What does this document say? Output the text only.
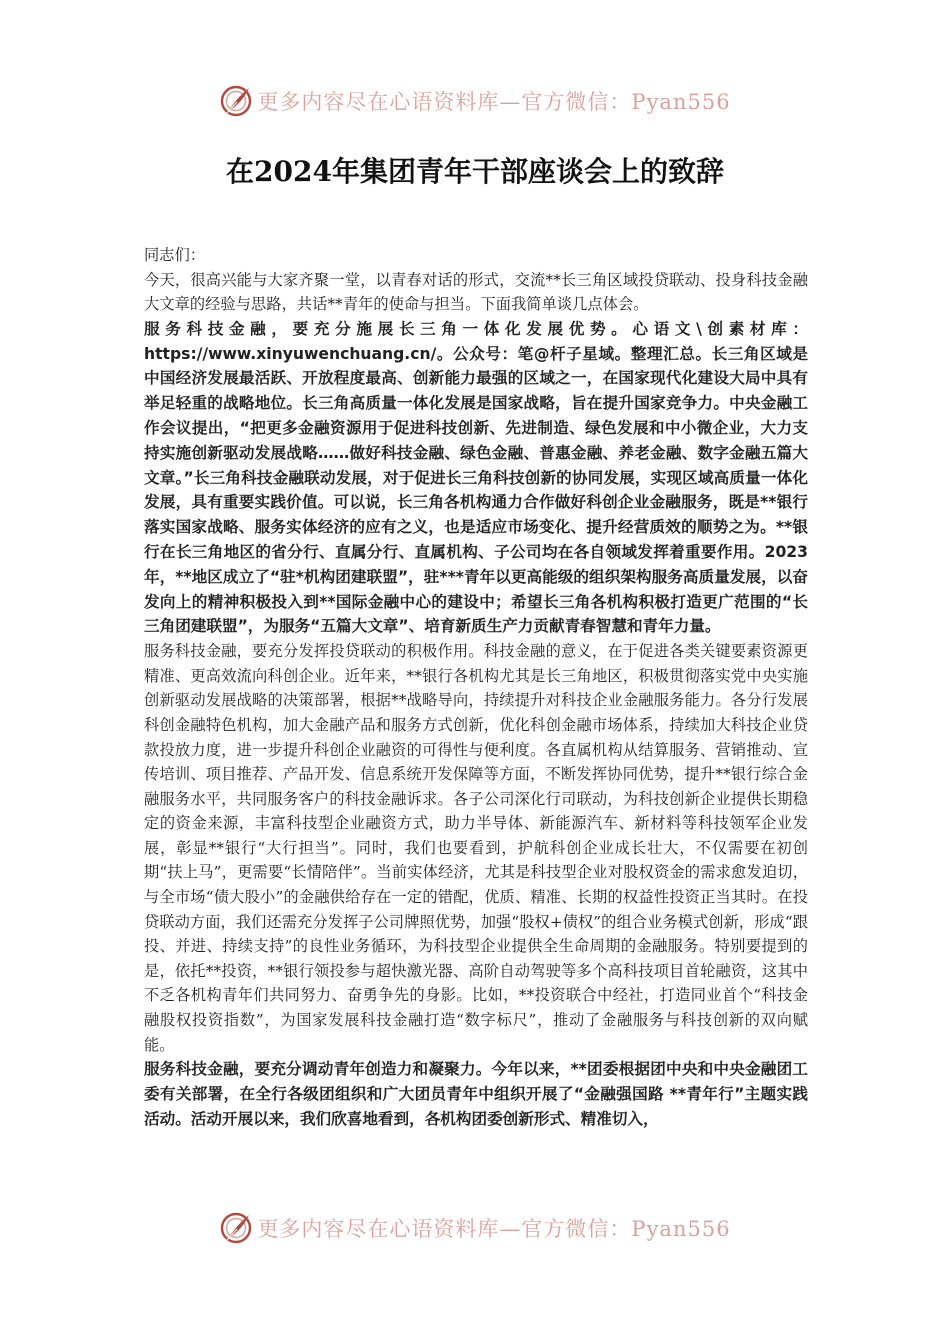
更多内容尽在心语资料库—官方微信：Pyan556
在2024年集团青年干部座谈会上的致辞

同志们：

今天，很高兴能与大家齐聚一堂，以青春对话的形式，交流**长三角区域投贷联动、投身科技金融大文章的经验与思路，共话**青年的使命与担当。下面我简单谈几点体会。

服务科技金融，要充分施展长三角一体化发展优势。心语文\创素材库：https://www.xinyuwenchuang.cn/。公众号：笔@杆子星域。整理汇总。长三角区域是中国经济发展最活跃、开放程度最高、创新能力最强的区域之一，在国家现代化建设大局中具有举足轻重的战略地位。长三角高质量一体化发展是国家战略，旨在提升国家竞争力。中央金融工作会议提出，“把更多金融资源用于促进科技创新、先进制造、绿色发展和中小微企业，大力支持实施创新驱动发展战略……做好科技金融、绿色金融、普惠金融、养老金融、数字金融五篇大文章。”长三角科技金融联动发展，对于促进长三角科技创新的协同发展，实现区域高质量一体化发展，具有重要实践价值。可以说，长三角各机构通力合作做好科创企业金融服务，既是**银行落实国家战略、服务实体经济的应有之义，也是适应市场变化、提升经营质效的顺势之为。**银行在长三角地区的省分行、直属分行、直属机构、子公司均在各自领域发挥着重要作用。2023年，**地区成立了“驻*机构团建联盟”，驻***青年以更高能级的组织架构服务高质量发展，以奋发向上的精神积极投入到**国际金融中心的建设中；希望长三角各机构积极打造更广范围的“长三角团建联盟”，为服务“五篇大文章”、培育新质生产力贡献青春智慧和青年力量。

服务科技金融，要充分发挥投贷联动的积极作用。科技金融的意义，在于促进各类关键要素资源更精准、更高效流向科创企业。近年来，**银行各机构尤其是长三角地区，积极贯彻落实党中央实施创新驱动发展战略的决策部署，根据**战略导向，持续提升对科技企业金融服务能力。各分行发展科创金融特色机构，加大金融产品和服务方式创新，优化科创金融市场体系，持续加大科技企业贷款投放力度，进一步提升科创企业融资的可得性与便利度。各直属机构从结算服务、营销推动、宣传培训、项目推荐、产品开发、信息系统开发保障等方面，不断发挥协同优势，提升**银行综合金融服务水平，共同服务客户的科技金融诉求。各子公司深化行司联动，为科技创新企业提供长期稳定的资金来源，丰富科技型企业融资方式，助力半导体、新能源汽车、新材料等科技领军企业发展，彰显**银行“大行担当”。同时，我们也要看到，护航科创企业成长壮大，不仅需要在初创期“扶上马”，更需要“长情陪伴”。当前实体经济，尤其是科技型企业对股权资金的需求愈发迫切，与全市场“债大股小”的金融供给存在一定的错配，优质、精准、长期的权益性投资正当其时。在投贷联动方面，我们还需充分发挥子公司牌照优势，加强“股权+债权”的组合业务模式创新，形成“跟投、并进、持续支持”的良性业务循环，为科技型企业提供全生命周期的金融服务。特别要提到的是，依托**投资，**银行领投参与超快激光器、高阶自动驾驶等多个高科技项目首轮融资，这其中不乏各机构青年们共同努力、奋勇争先的身影。比如，**投资联合中经社，打造同业首个“科技金融股权投资指数”，为国家发展科技金融打造“数字标尺”，推动了金融服务与科技创新的双向赋能。

服务科技金融，要充分调动青年创造力和凝聚力。今年以来，**团委根据团中央和中央金融团工委有关部署，在全行各级团组织和广大团员青年中组织开展了“金融强国路 **青年行”主题实践活动。活动开展以来，我们欣喜地看到，各机构团委创新形式、精准切入，

更多内容尽在心语资料库—官方微信：Pyan556
